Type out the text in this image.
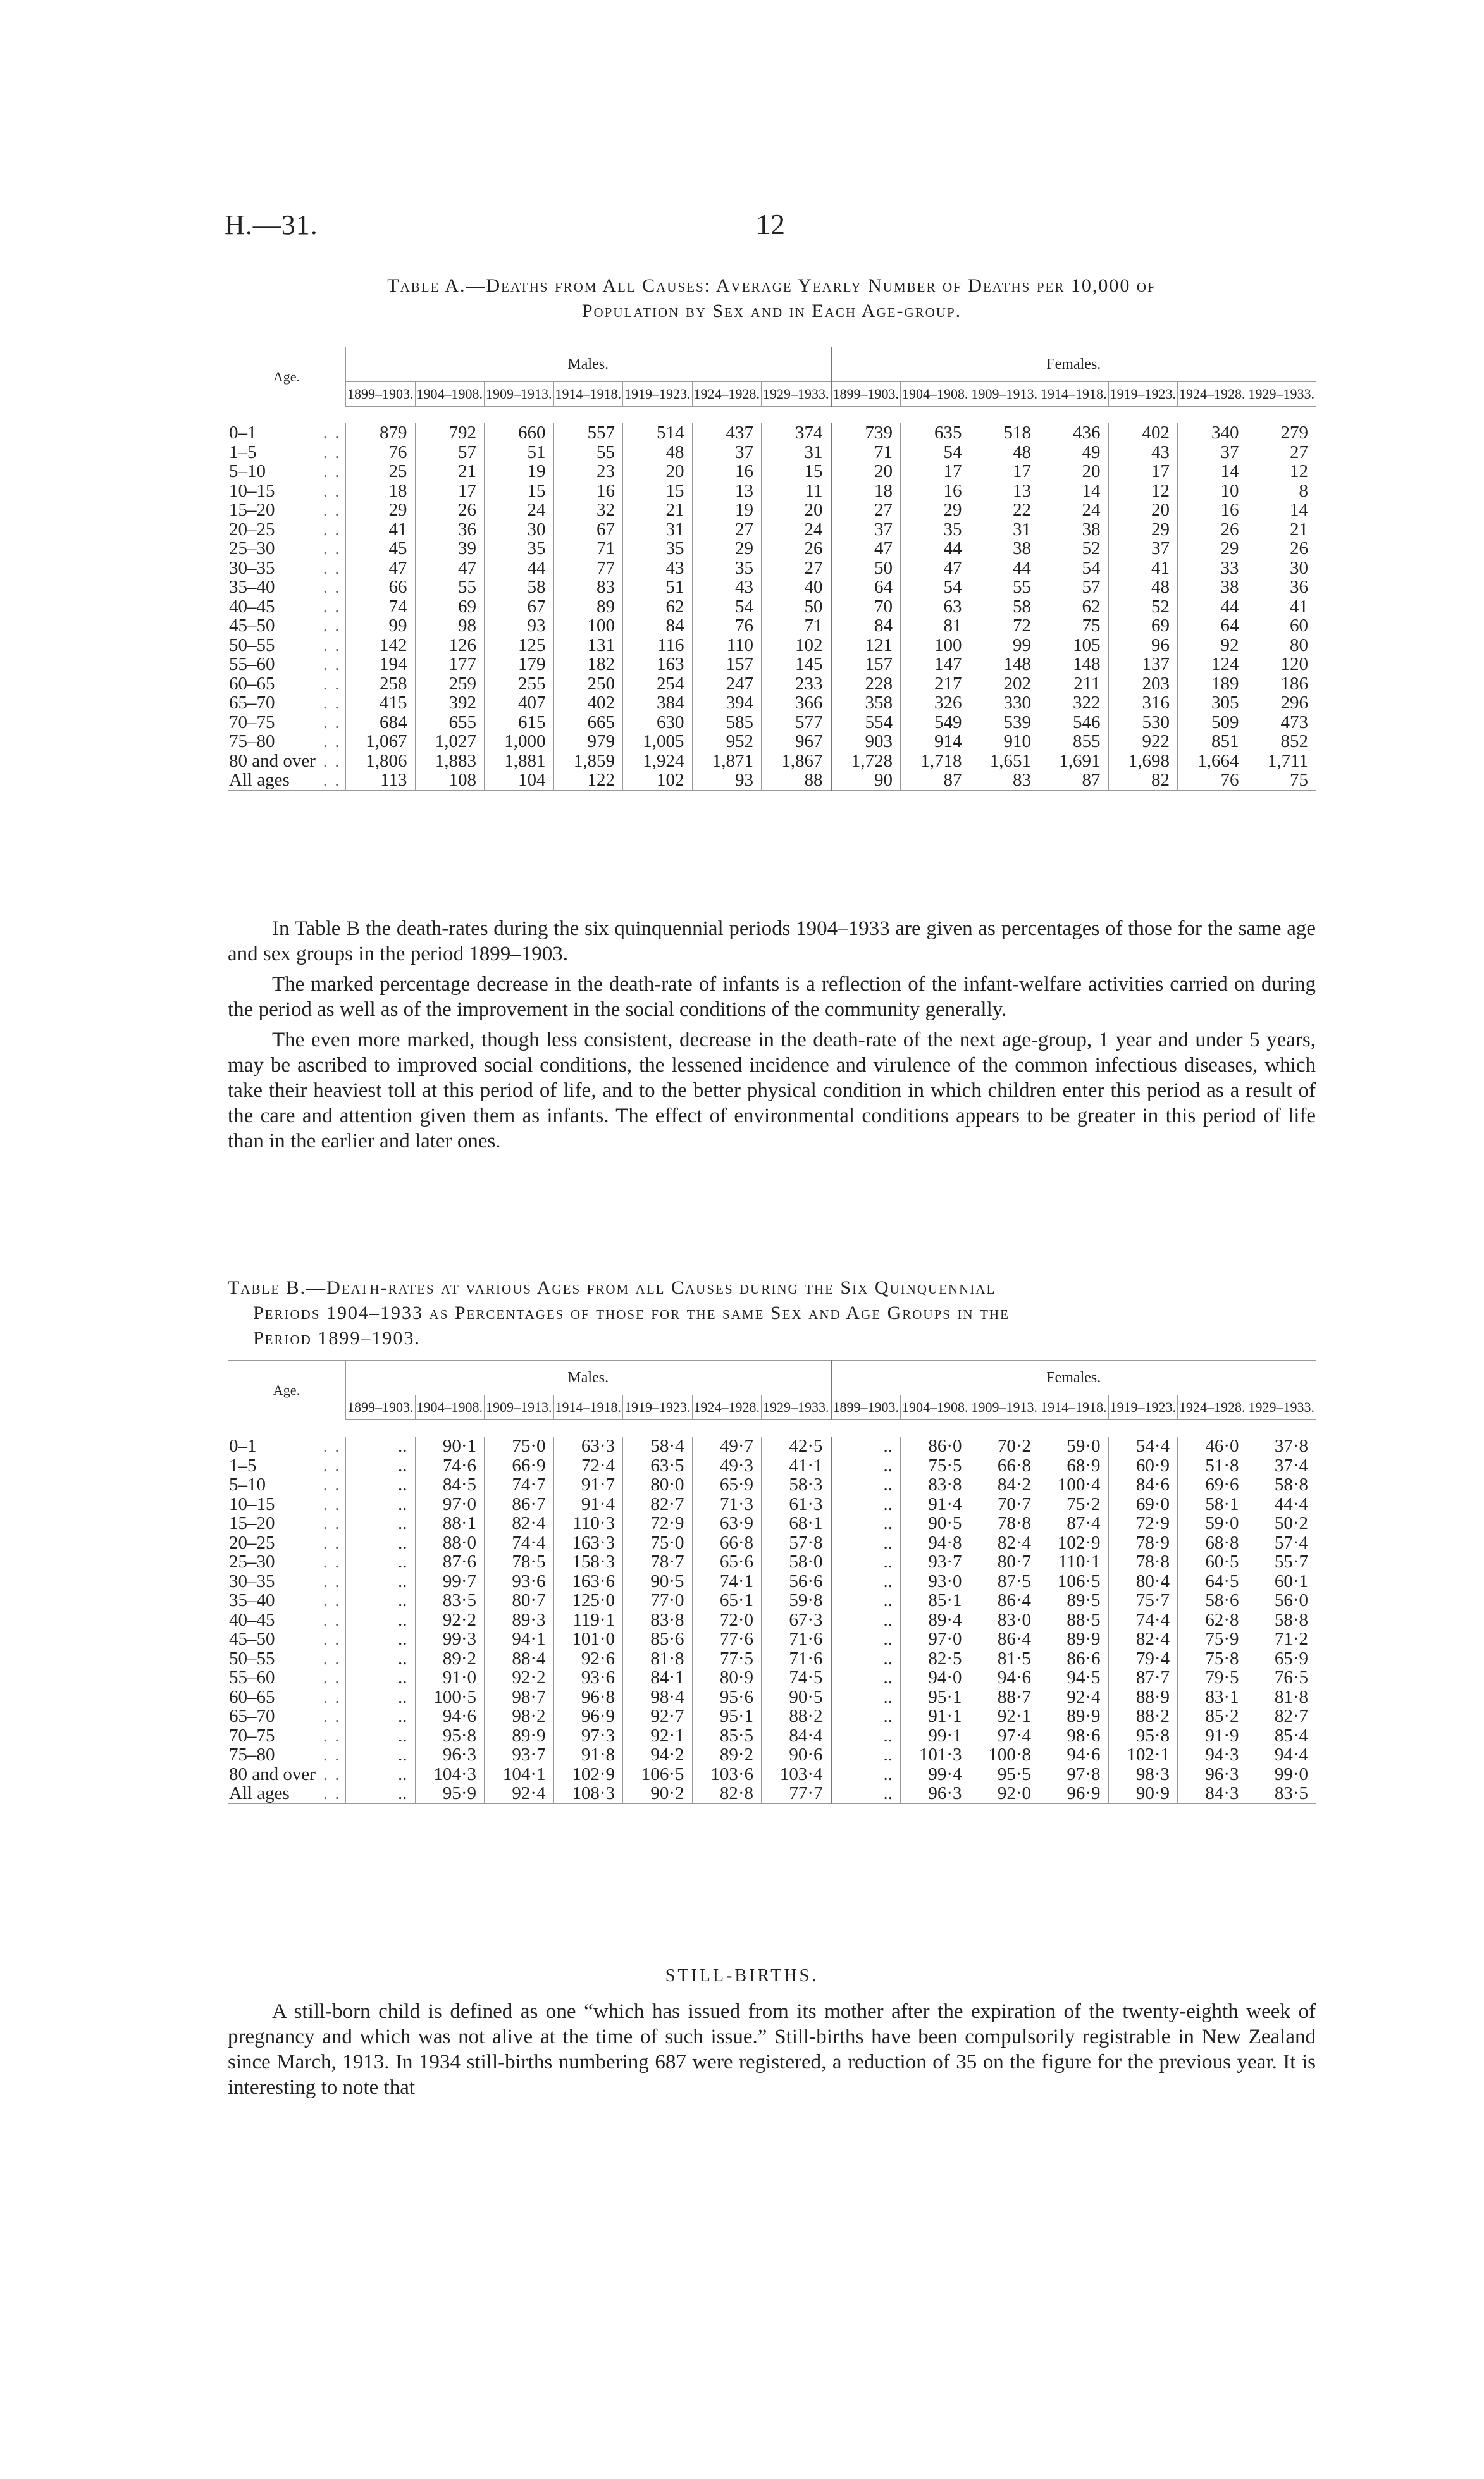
H.—31.	12
Table A.—Deaths from All Causes: Average Yearly Number of Deaths per 10,000 of
Population by Sex and in Each Age-group.
Age.		Males.							Females.						
		1899–1903.	1904–1908.	1909–1913.	1914–1918.	1919–1923.	1924–1928.	1929–1933.	1899–1903.	1904–1908.	1909–1913.	1914–1918.	1919–1923.	1924–1928.	1929–1933.

0–1	. .	879	792	660	557	514	437	374	739	635	518	436	402	340	279
1–5	. .	76	57	51	55	48	37	31	71	54	48	49	43	37	27
5–10	. .	25	21	19	23	20	16	15	20	17	17	20	17	14	12
10–15	. .	18	17	15	16	15	13	11	18	16	13	14	12	10	8
15–20	. .	29	26	24	32	21	19	20	27	29	22	24	20	16	14
20–25	. .	41	36	30	67	31	27	24	37	35	31	38	29	26	21
25–30	. .	45	39	35	71	35	29	26	47	44	38	52	37	29	26
30–35	. .	47	47	44	77	43	35	27	50	47	44	54	41	33	30
35–40	. .	66	55	58	83	51	43	40	64	54	55	57	48	38	36
40–45	. .	74	69	67	89	62	54	50	70	63	58	62	52	44	41
45–50	. .	99	98	93	100	84	76	71	84	81	72	75	69	64	60
50–55	. .	142	126	125	131	116	110	102	121	100	99	105	96	92	80
55–60	. .	194	177	179	182	163	157	145	157	147	148	148	137	124	120
60–65	. .	258	259	255	250	254	247	233	228	217	202	211	203	189	186
65–70	. .	415	392	407	402	384	394	366	358	326	330	322	316	305	296
70–75	. .	684	655	615	665	630	585	577	554	549	539	546	530	509	473
75–80	. .	1,067	1,027	1,000	979	1,005	952	967	903	914	910	855	922	851	852
80 and over	. .	1,806	1,883	1,881	1,859	1,924	1,871	1,867	1,728	1,718	1,651	1,691	1,698	1,664	1,711
All ages	. .	113	108	104	122	102	93	88	90	87	83	87	82	76	75

In Table B the death-rates during the six quinquennial periods 1904–1933 are given as percentages of those for the same age and sex groups in the period 1899–1903.

The marked percentage decrease in the death-rate of infants is a reflection of the infant-welfare activities carried on during the period as well as of the improvement in the social conditions of the community generally.

The even more marked, though less consistent, decrease in the death-rate of the next age-group, 1 year and under 5 years, may be ascribed to improved social conditions, the lessened incidence and virulence of the common infectious diseases, which take their heaviest toll at this period of life, and to the better physical condition in which children enter this period as a result of the care and attention given them as infants. The effect of environmental conditions appears to be greater in this period of life than in the earlier and later ones.

Table B.—Death-rates at various Ages from all Causes during the Six Quinquennial
Periods 1904–1933 as Percentages of those for the same Sex and Age Groups in the
Period 1899–1903.
Age.		Males.							Females.						
		1899–1903.	1904–1908.	1909–1913.	1914–1918.	1919–1923.	1924–1928.	1929–1933.	1899–1903.	1904–1908.	1909–1913.	1914–1918.	1919–1923.	1924–1928.	1929–1933.

0–1	. .	..	90·1	75·0	63·3	58·4	49·7	42·5	..	86·0	70·2	59·0	54·4	46·0	37·8
1–5	. .	..	74·6	66·9	72·4	63·5	49·3	41·1	..	75·5	66·8	68·9	60·9	51·8	37·4
5–10	. .	..	84·5	74·7	91·7	80·0	65·9	58·3	..	83·8	84·2	100·4	84·6	69·6	58·8
10–15	. .	..	97·0	86·7	91·4	82·7	71·3	61·3	..	91·4	70·7	75·2	69·0	58·1	44·4
15–20	. .	..	88·1	82·4	110·3	72·9	63·9	68·1	..	90·5	78·8	87·4	72·9	59·0	50·2
20–25	. .	..	88·0	74·4	163·3	75·0	66·8	57·8	..	94·8	82·4	102·9	78·9	68·8	57·4
25–30	. .	..	87·6	78·5	158·3	78·7	65·6	58·0	..	93·7	80·7	110·1	78·8	60·5	55·7
30–35	. .	..	99·7	93·6	163·6	90·5	74·1	56·6	..	93·0	87·5	106·5	80·4	64·5	60·1
35–40	. .	..	83·5	80·7	125·0	77·0	65·1	59·8	..	85·1	86·4	89·5	75·7	58·6	56·0
40–45	. .	..	92·2	89·3	119·1	83·8	72·0	67·3	..	89·4	83·0	88·5	74·4	62·8	58·8
45–50	. .	..	99·3	94·1	101·0	85·6	77·6	71·6	..	97·0	86·4	89·9	82·4	75·9	71·2
50–55	. .	..	89·2	88·4	92·6	81·8	77·5	71·6	..	82·5	81·5	86·6	79·4	75·8	65·9
55–60	. .	..	91·0	92·2	93·6	84·1	80·9	74·5	..	94·0	94·6	94·5	87·7	79·5	76·5
60–65	. .	..	100·5	98·7	96·8	98·4	95·6	90·5	..	95·1	88·7	92·4	88·9	83·1	81·8
65–70	. .	..	94·6	98·2	96·9	92·7	95·1	88·2	..	91·1	92·1	89·9	88·2	85·2	82·7
70–75	. .	..	95·8	89·9	97·3	92·1	85·5	84·4	..	99·1	97·4	98·6	95·8	91·9	85·4
75–80	. .	..	96·3	93·7	91·8	94·2	89·2	90·6	..	101·3	100·8	94·6	102·1	94·3	94·4
80 and over	. .	..	104·3	104·1	102·9	106·5	103·6	103·4	..	99·4	95·5	97·8	98·3	96·3	99·0
All ages	. .	..	95·9	92·4	108·3	90·2	82·8	77·7	..	96·3	92·0	96·9	90·9	84·3	83·5
STILL-BIRTHS.

A still-born child is defined as one “which has issued from its mother after the expiration of the twenty-eighth week of pregnancy and which was not alive at the time of such issue.” Still-births have been compulsorily registrable in New Zealand since March, 1913. In 1934 still-births numbering 687 were registered, a reduction of 35 on the figure for the previous year. It is interesting to note that
